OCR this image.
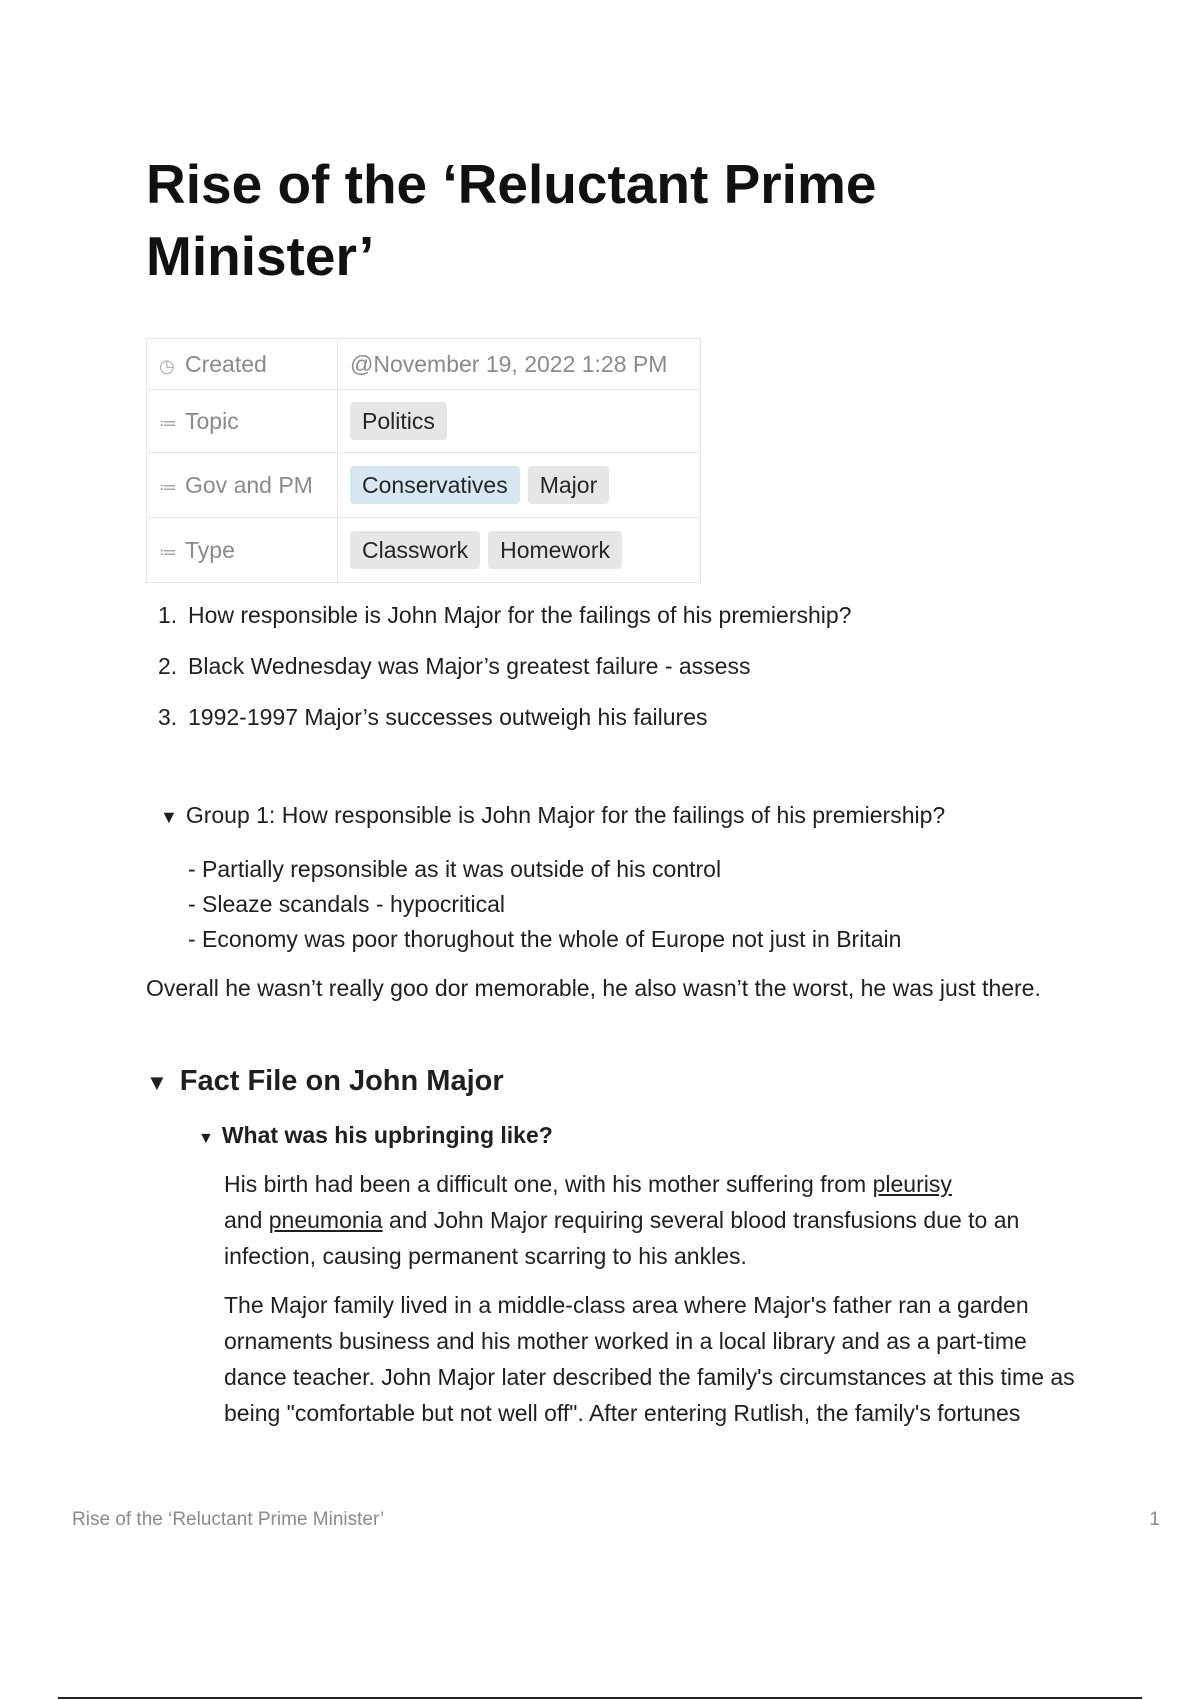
Rise of the ‘Reluctant Prime Minister’
◷ Created	@November 19, 2022 1:28 PM
≔ Topic	Politics
≔ Gov and PM	Conservatives Major
≔ Type	Classwork Homework
1. How responsible is John Major for the failings of his premiership?
2. Black Wednesday was Major’s greatest failure - assess
3. 1992-1997 Major’s successes outweigh his failures
▼ Group 1: How responsible is John Major for the failings of his premiership?
- Partially repsonsible as it was outside of his control
- Sleaze scandals - hypocritical
- Economy was poor thorughout the whole of Europe not just in Britain

Overall he wasn’t really goo dor memorable, he also wasn’t the worst, he was just there.

▼ Fact File on John Major
▼ What was his upbringing like?

His birth had been a difficult one, with his mother suffering from pleurisy
and pneumonia and John Major requiring several blood transfusions due to an infection, causing permanent scarring to his ankles.

The Major family lived in a middle-class area where Major's father ran a garden ornaments business and his mother worked in a local library and as a part-time dance teacher. John Major later described the family's circumstances at this time as being "comfortable but not well off". After entering Rutlish, the family's fortunes

Rise of the ‘Reluctant Prime Minister’	1
